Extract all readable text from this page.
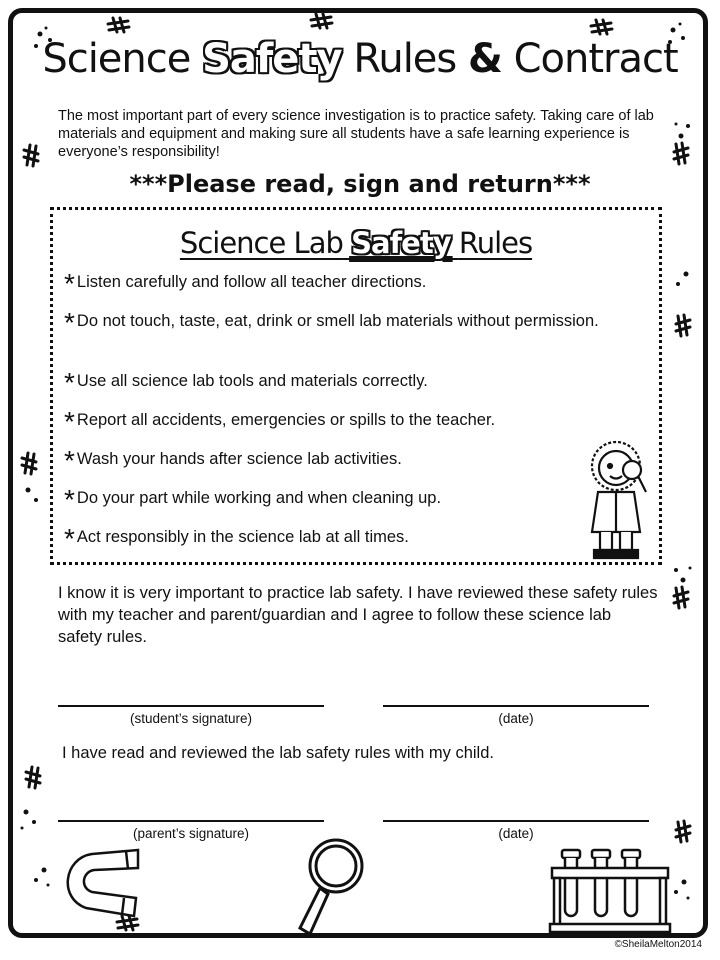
Science Safety Rules & Contract
The most important part of every science investigation is to practice safety. Taking care of lab materials and equipment and making sure all students have a safe learning experience is everyone’s responsibility!
***Please read, sign and return***
Science Lab Safety Rules
* Listen carefully and follow all teacher directions.
* Do not touch, taste, eat, drink or smell lab materials without permission.
* Use all science lab tools and materials correctly.
* Report all accidents, emergencies or spills to the teacher.
* Wash your hands after science lab activities.
* Do your part while working and when cleaning up.
* Act responsibly in the science lab at all times.
I know it is very important to practice lab safety. I have reviewed these safety rules with my teacher and parent/guardian and I agree to follow these science lab safety rules.
(student’s signature)	(date)
I have read and reviewed the lab safety rules with my child.
(parent’s signature)	(date)
©SheilaMelton2014
